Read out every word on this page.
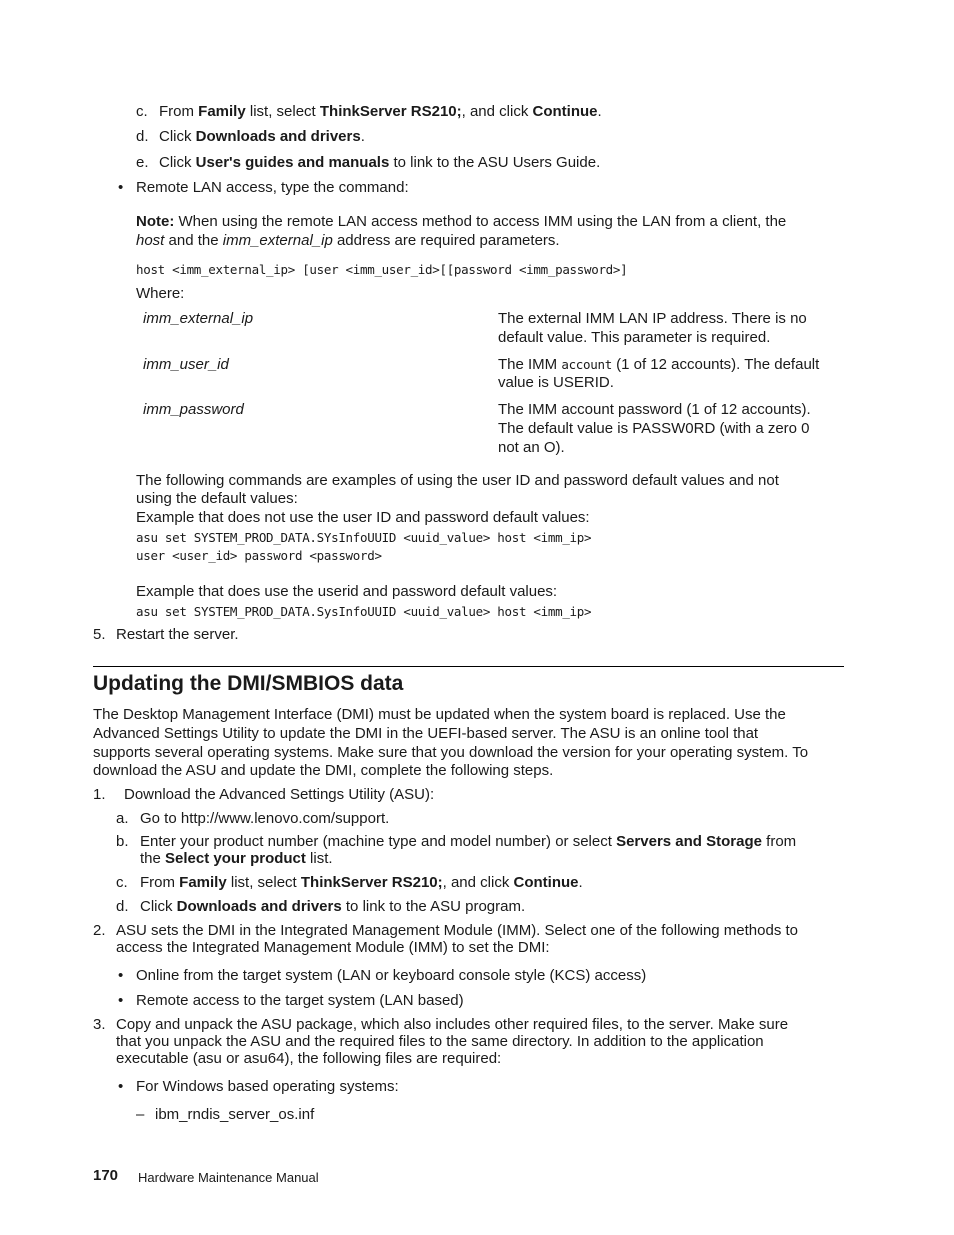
c. From Family list, select ThinkServer RS210;, and click Continue.
d. Click Downloads and drivers.
e. Click User's guides and manuals to link to the ASU Users Guide.
• Remote LAN access, type the command:
Note: When using the remote LAN access method to access IMM using the LAN from a client, the
host and the imm_external_ip address are required parameters.
host <imm_external_ip> [user <imm_user_id>[[password <imm_password>]
Where:
imm_external_ip	The external IMM LAN IP address. There is no
default value. This parameter is required.
imm_user_id	The IMM account (1 of 12 accounts). The default
value is USERID.
imm_password	The IMM account password (1 of 12 accounts).
The default value is PASSW0RD (with a zero 0
not an O).
The following commands are examples of using the user ID and password default values and not
using the default values:
Example that does not use the user ID and password default values:
asu set SYSTEM_PROD_DATA.SYsInfoUUID <uuid_value> host <imm_ip>
user <user_id> password <password>
Example that does use the userid and password default values:
asu set SYSTEM_PROD_DATA.SysInfoUUID <uuid_value> host <imm_ip>
5. Restart the server.
Updating the DMI/SMBIOS data
The Desktop Management Interface (DMI) must be updated when the system board is replaced. Use the
Advanced Settings Utility to update the DMI in the UEFI-based server. The ASU is an online tool that
supports several operating systems. Make sure that you download the version for your operating system. To
download the ASU and update the DMI, complete the following steps.
1. Download the Advanced Settings Utility (ASU):
a. Go to http://www.lenovo.com/support.
b. Enter your product number (machine type and model number) or select Servers and Storage from
the Select your product list.
c. From Family list, select ThinkServer RS210;, and click Continue.
d. Click Downloads and drivers to link to the ASU program.
2. ASU sets the DMI in the Integrated Management Module (IMM). Select one of the following methods to
access the Integrated Management Module (IMM) to set the DMI:
• Online from the target system (LAN or keyboard console style (KCS) access)
• Remote access to the target system (LAN based)
3. Copy and unpack the ASU package, which also includes other required files, to the server. Make sure
that you unpack the ASU and the required files to the same directory. In addition to the application
executable (asu or asu64), the following files are required:
• For Windows based operating systems:
– ibm_rndis_server_os.inf
170 Hardware Maintenance Manual
